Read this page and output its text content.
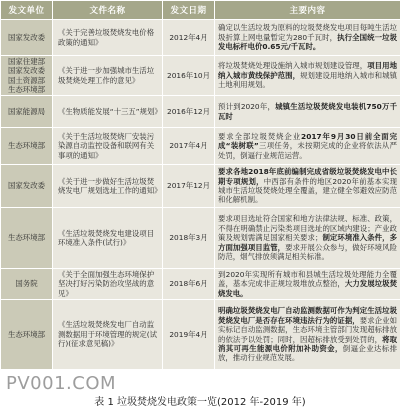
发文单位	文件名称	发文日期	主要内容

国家发改委	《关于完善垃圾焚烧发电价格政策的通知》	2012年4月	确定以生活垃圾为原料的垃圾焚烧发电项目每吨生活垃圾折算上网电量暂定为280千瓦时，执行全国统一垃圾发电标杆电价0.65元/千瓦时。

国家住建部
国家发改委
国土资源部
生态环境部	《关于进一步加强城市生活垃圾焚烧处理工作的意见》	2016年10月	将垃圾焚烧处理设施纳入城市规划建设管理，项目用地纳入城市黄线保护范围，规划建设用地纳入城市和城镇土地利用规划。

国家能源局	《生物质能发展“十三五”规划》	2016年12月	预计到2020年，城镇生活垃圾焚烧发电装机750万千瓦时

生态环境部	《关于生活垃圾焚烧厂安装污染源自动监控设备和联网有关事项的通知》	2017年4月	要求全部垃圾焚烧企业2017年9月30日前全面完成“装树联”三项任务，未按期完成的企业将依法从严处罚，倒逼行业规范运营。

国家发改委	《关于进一步做好生活垃圾焚烧发电厂规划选址工作的通知》	2017年12月	要求各地2018年底前编制完成省级垃圾焚烧发电中长期专项规划，中西部有条件的地区2020年前基本实现城市生活垃圾焚烧处理全覆盖，建立健全邻避效应防范和化解机制。

生态环境部	《生活垃圾焚烧发电建设项目环境准入条件(试行)》	2018年3月	要求项目选址符合国家和地方法律法规、标准、政策，不得在明确禁止污染类项目选址的区域内建设；产业政策及规划需满足国家相关要求；制定环境准入条件，多方面加强项目监管，要求开展公众参与，做好环境风险防范，烟气排放须满足相关标准。

国务院	《关于全面加强生态环境保护坚决打好污染防治攻坚战的意见》	2018年6月	到2020年实现所有城市和县城生活垃圾处理能力全覆盖，基本完成非正规垃圾堆放点整治，大力发展垃圾焚烧发电。

生态环境部	《生活垃圾焚烧发电厂自动监测数据用于环境管理的规定(试行)(征求意见稿)》	2019年4月	明确垃圾焚烧发电厂自动监测数据可作为判定生活垃圾焚烧发电厂是否存在环境违法行为的证据，要求企业如实标记自动监测数据，生态环境主管部门发现超标排放的依法予以处罚；同时，因超标排放受到处罚的，将取消其可再生能源电价附加补助资金，倒逼企业达标排放，推动行业规范发展。
PV001.COM
表 1 垃圾焚烧发电政策一览(2012 年-2019 年)
